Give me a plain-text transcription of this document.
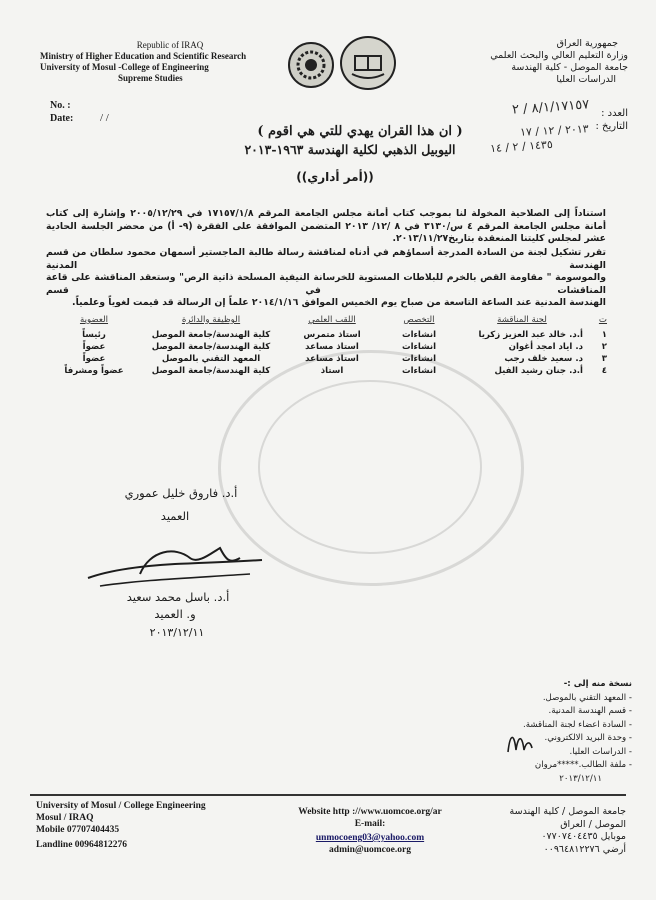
Republic of IRAQ
Ministry of Higher Education and Scientific Research
University of Mosul -College of Engineering
Supreme Studies
No. :
Date: / /
جمهورية العراق
وزارة التعليم العالي والبحث العلمي
جامعة الموصل - كلية الهندسة
الدراسات العليا
العدد :
التاريخ :
٨/١/١٧١٥٧ / ٢
٢٠١٣ / ١٢ / ١٧
١٤٣٥ / ٢ / ١٤
( ان هذا القران يهدي للتي هي اقوم )
اليوبيل الذهبي لكلية الهندسة ١٩٦٣-٢٠١٣
((أمر أداري))
استناداً إلى الصلاحية المخولة لنا بموجب كتاب أمانة مجلس الجامعة المرقم ١٧١٥٧/١/٨ في ٢٠٠٥/١٢/٢٩ وإشارة إلى كتاب
أمانة مجلس الجامعة المرقم ٤ س/٣١٣٠ في ٨ /١٢/ ٢٠١٣ المتضمن الموافقة على الفقرة (٩- أ) من محضر الجلسة الحادية
عشر لمجلس كليتنا المنعقدة بتاريخ٢٠١٣/١١/٢٧.
تقرر تشكيل لجنة من السادة المدرجة أسماؤهم في أدناه لمناقشة رسالة طالبة الماجستير أسمهان محمود سلطان من قسم الهندسة المدنية
والموسومة " مقاومة القص بالخرم للبلاطات المستوية للخرسانة النيفية المسلحة ذاتية الرص" وستعقد المناقشة على قاعة المناقشات في قسم
الهندسة المدنية عند الساعة التاسعة من صباح يوم الخميس الموافق ٢٠١٤/١/١٦ علماً إن الرسالة قد قيمت لغوياً وعلمياً.
ت	لجنة المناقشة	التخصص	اللقب العلمي	الوظيفة والدائرة	العضوية
١	أ.د. خالد عبد العزيز زكريا	انشاءات	استاذ متمرس	كلية الهندسة/جامعة الموصل	رئيساً
٢	د. اياد امجد أغوان	انشاءات	استاذ مساعد	كلية الهندسة/جامعة الموصل	عضواً
٣	د. سعيد خلف رجب	انشاءات	استاذ مساعد	المعهد التقني بالموصل	عضواً
٤	أ.د. جنان رشيد الفيل	انشاءات	استاذ	كلية الهندسة/جامعة الموصل	عضواً ومشرفاً
أ.د. فاروق خليل عموري
العميد
أ.د. باسل محمد سعيد
و. العميد
٢٠١٣/١٢/١١
نسخة منه إلى :-
- المعهد التقني بالموصل.
- قسم الهندسة المدنية.
- السادة اعضاء لجنة المناقشة.
- وحدة البريد الالكتروني.
- الدراسات العليا.
- ملفة الطالب.*****مروان
٢٠١٣/١٢/١١
University of Mosul / College Engineering
Mosul / IRAQ
Mobile 07707404435
Landline 00964812276
Website http ://www.uomcoe.org/ar
E-mail:
unmocoeng03@yahoo.com
admin@uomcoe.org
جامعة الموصل / كلية الهندسة
الموصل / العراق
موبايل ٠٧٧٠٧٤٠٤٤٣٥
أرضي ٠٠٩٦٤٨١٢٢٧٦
